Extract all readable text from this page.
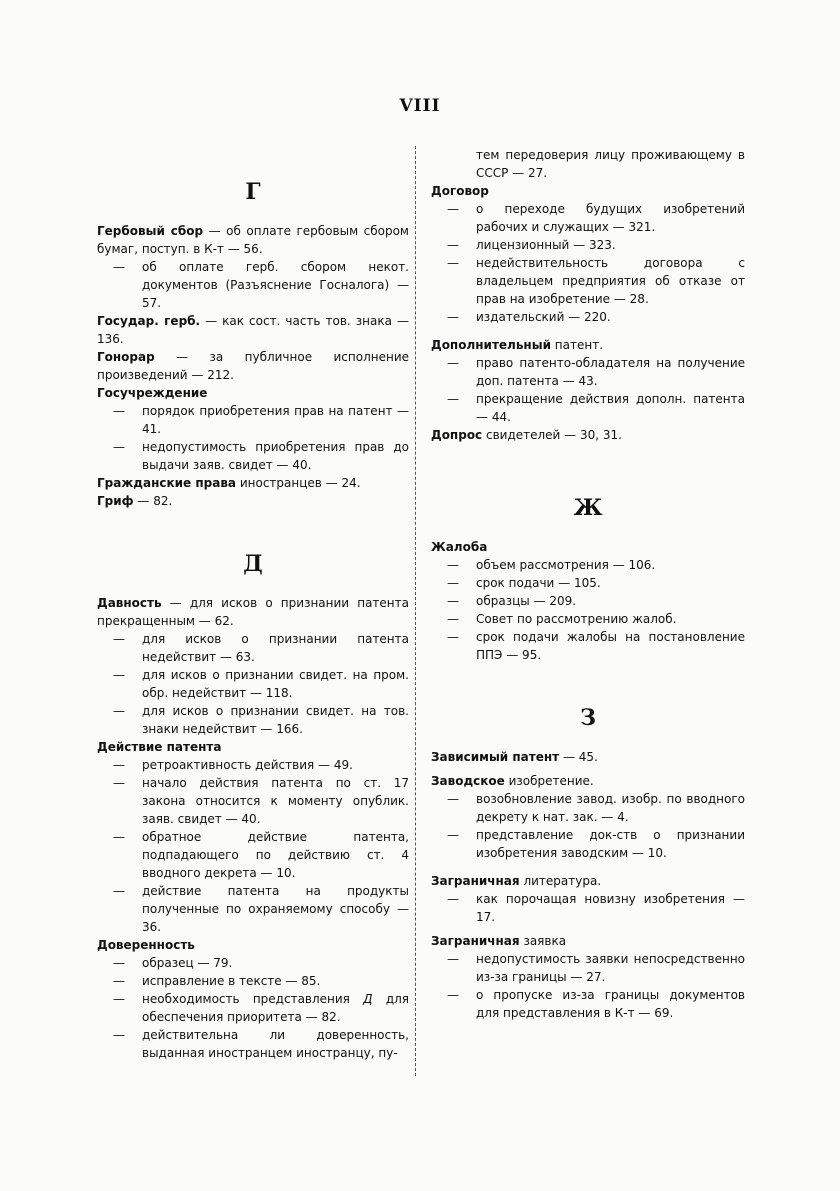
VIII
Г
Гербовый сбор — об оплате гербовым сбором бумаг, поступ. в К-т — 56.
— об оплате герб. сбором некот. документов (Разъяснение Госналога) — 57.
Государ. герб. — как сост. часть тов. знака — 136.
Гонорар — за публичное исполнение произведений — 212.
Госучреждение
— порядок приобретения прав на патент — 41.
— недопустимость приобретения прав до выдачи заяв. свидет — 40.
Гражданские права иностранцев — 24.
Гриф — 82.
Д
Давность — для исков о признании патента прекращенным — 62.
— для исков о признании патента недействит — 63.
— для исков о признании свидет. на пром. обр. недействит — 118.
— для исков о признании свидет. на тов. знаки недействит — 166.
Действие патента
— ретроактивность действия — 49.
— начало действия патента по ст. 17 закона относится к моменту опублик. заяв. свидет — 40.
— обратное действие патента, подпадающего по действию ст. 4 вводного декрета — 10.
— действие патента на продукты полученные по охраняемому способу — 36.
Доверенность
— образец — 79.
— исправление в тексте — 85.
— необходимость представления Д для обеспечения приоритета — 82.
— действительна ли доверенность, выданная иностранцем иностранцу, пу-
тем передоверия лицу проживающему в СССР — 27.
Договор
— о переходе будущих изобретений рабочих и служащих — 321.
— лицензионный — 323.
— недействительность договора с владельцем предприятия об отказе от прав на изобретение — 28.
— издательский — 220.
Дополнительный патент.
— право патенто-обладателя на получение доп. патента — 43.
— прекращение действия дополн. патента — 44.
Допрос свидетелей — 30, 31.
Ж
Жалоба
— объем рассмотрения — 106.
— срок подачи — 105.
— образцы — 209.
— Совет по рассмотрению жалоб.
— срок подачи жалобы на постановление ППЭ — 95.
З
Зависимый патент — 45.
Заводское изобретение.
— возобновление завод. изобр. по вводного декрету к нат. зак. — 4.
— представление док-ств о признании изобретения заводским — 10.
Заграничная литература.
— как порочащая новизну изобретения — 17.
Заграничная заявка
— недопустимость заявки непосредственно из-за границы — 27.
— о пропуске из-за границы документов для представления в К-т — 69.
